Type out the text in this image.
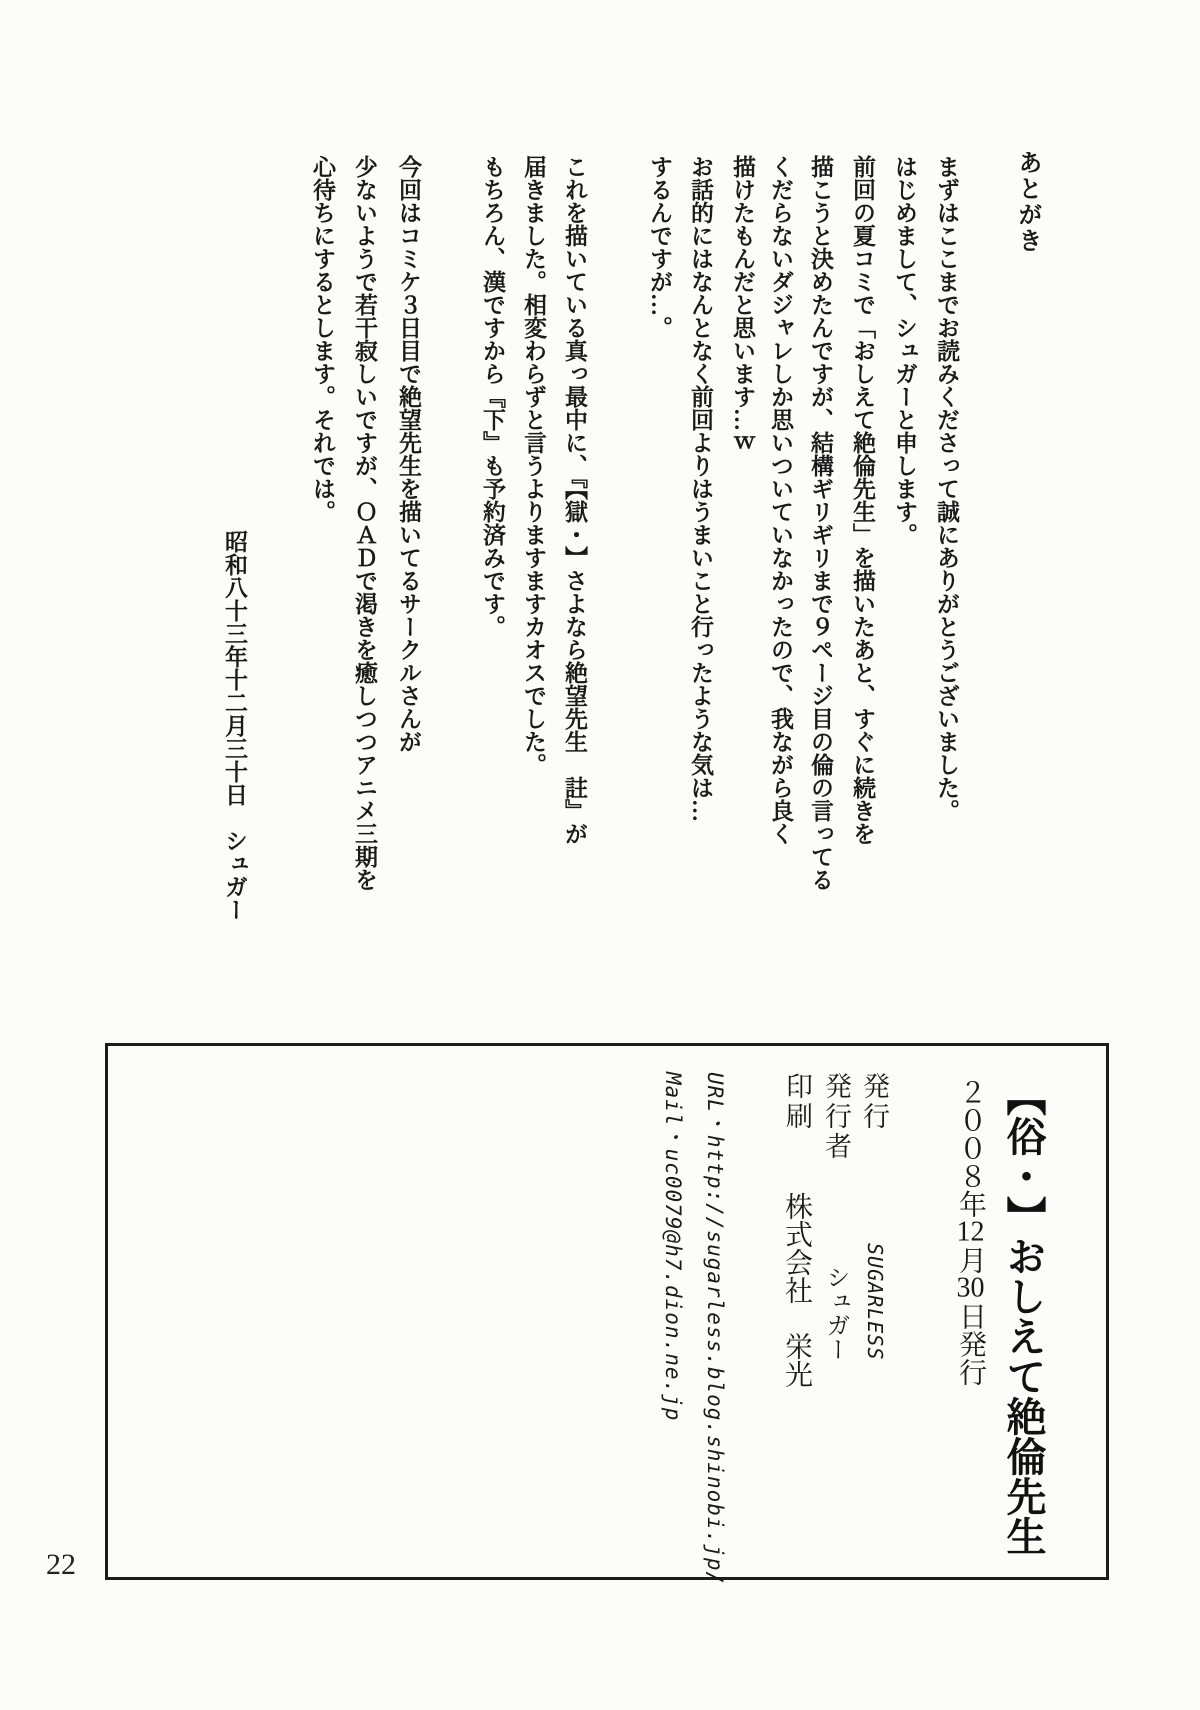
あとがき
まずはここまでお読みくださって誠にありがとうございました。
はじめまして、シュガーと申します。
前回の夏コミで「おしえて絶倫先生」を描いたあと、すぐに続きを
描こうと決めたんですが、結構ギリギリまで９ページ目の倫の言ってる
くだらないダジャレしか思いついていなかったので、我ながら良く
描けたもんだと思います…ｗ
お話的にはなんとなく前回よりはうまいこと行ったような気は…
するんですが…。
これを描いている真っ最中に、『【獄・】さよなら絶望先生　註』が
届きました。相変わらずと言うよりますますカオスでした。
もちろん、漢ですから『下』も予約済みです。
今回はコミケ３日目で絶望先生を描いてるサークルさんが
少ないようで若干寂しいですが、ＯＡＤで渇きを癒しつつアニメ三期を
心待ちにするとします。それでは。
昭和八十三年十二月三十日　シュガー
【俗・】おしえて絶倫先生
２００８年12月30日発行
発行
発行者
印刷
SUGARLESS
シュガー
株式会社　栄光
URL・http://sugarless.blog.shinobi.jp/
Mail・uc0079@h7.dion.ne.jp
22
